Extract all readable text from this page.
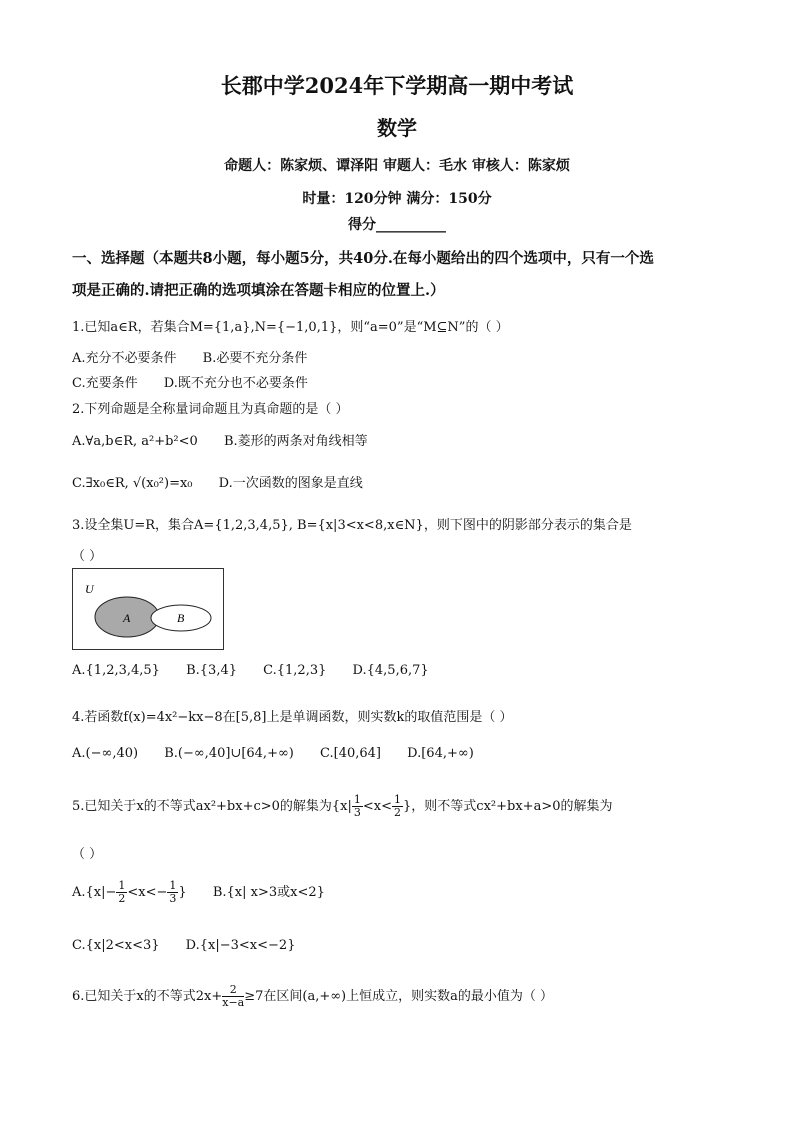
长郡中学2024年下学期高一期中考试
数学
命题人：陈家烦、谭泽阳 审题人：毛水 审核人：陈家烦
时量：120分钟 满分：150分
得分__________
一、选择题（本题共8小题，每小题5分，共40分.在每小题给出的四个选项中，只有一个选
项是正确的.请把正确的选项填涂在答题卡相应的位置上.）
1.已知a∈R，若集合M={1,a},N={−1,0,1}，则“a=0”是“M⊆N”的（ ）
A.充分不必要条件 B.必要不充分条件
C.充要条件 D.既不充分也不必要条件
2.下列命题是全称量词命题且为真命题的是（ ）
A.∀a,b∈R, a²+b²<0 B.菱形的两条对角线相等
C.∃x₀∈R, √(x₀²)=x₀ D.一次函数的图象是直线
3.设全集U=R，集合A={1,2,3,4,5}, B={x|3<x<8,x∈N}，则下图中的阴影部分表示的集合是
（ ）
U
A	B
A.{1,2,3,4,5} B.{3,4} C.{1,2,3} D.{4,5,6,7}
4.若函数f(x)=4x²−kx−8在[5,8]上是单调函数，则实数k的取值范围是（ ）
A.(−∞,40) B.(−∞,40]∪[64,+∞) C.[40,64] D.[64,+∞)
5.已知关于x的不等式ax²+bx+c>0的解集为{$x| \frac{1}{3} <x< \frac{1}{2}$ }，则不等式cx²+bx+a>0的解集为
（ ）
$A.\{x|- \frac{1}{2} <x<- \frac{1}{3}$ } B.{x| x>3或x<2}
C.{x|2<x<3} D.{x|−3<x<−2}
6.已知关于x的不等式$2x+ \frac{2}{x-a} \ge 7$在区间(a,+∞)上恒成立，则实数a的最小值为（ ）
